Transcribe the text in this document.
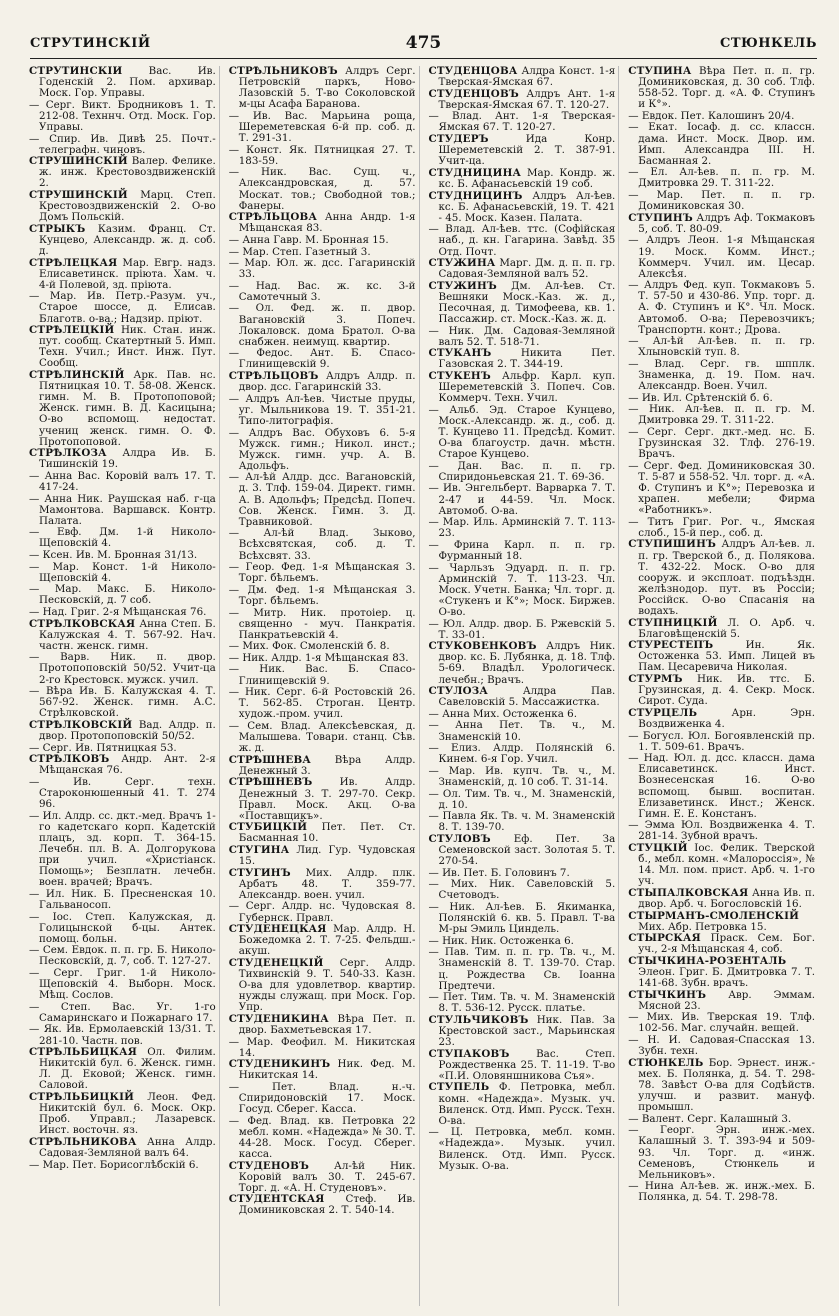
СТРУТИНСКІЙ	475	СТЮНКЕЛЬ
СТРУТИНСКІЙ	Вас. Ив. Годенскій 2. Пом. архивар. Моск. Гор. Управы.
— Серг. Викт. Бродниковъ 1. Т. 212-08. Техннч. Отд. Моск. Гор. Управы.
— Спир. Ив. Дивѣ 25. Почт.-телеграфн. чиновъ.
СТРУШИНСКІЙ Валер. Фелике. ж. инж. Крестовоздвиженскій 2.
СТРУШИНСКІЙ Марц. Степ. Крестовоздвиженскій 2. О-во Домъ Польскій.
СТРЫКЪ Казим. Франц. Ст. Кунцево, Александр. ж. д. соб. д.
СТРѢЛЕЦКАЯ Мар. Евгр. надз. Елисаветинск. пріюта. Хам. ч. 4-й Полевой, зд. пріюта.
— Мар. Ив. Петр.-Разум. уч., Старое шоссе, д. Елисав. Благотв. о-ва.; Надзир. пріют.
СТРѢЛЕЦКІЙ Ник. Стан. инж. пут. сообщ. Скатертный 5. Имп. Техн. Учил.; Инст. Инж. Пут. Сообщ.
СТРѢЛИНСКІЙ Арк. Пав. нс. Пятницкая 10. Т. 58-08. Женск. гимн. М. В. Протопоповой; Женск. гимн. В. Д. Касицына; О-во вспомощ. недостат. учениц женск. гимн. О. Ф. Протопоповой.
СТРѢЛКОЗА Алдра Ив. Б. Тишинскій 19.
— Анна Вас. Коровій валъ 17. Т. 417-24.
— Анна Ник. Раушская наб. г-ца Мамонтова. Варшавск. Контр. Палата.
— Евф. Дм. 1-й Николо-Щеповскій 4.
— Ксен. Ив. М. Бронная 31/13.
— Мар. Конст. 1-й Николо-Щеповскій 4.
— Мар. Макс. Б. Николо-Песковскій, д. 7 соб.
— Над. Григ. 2-я Мѣщанская 76.
СТРѢЛКОВСКАЯ Анна Степ. Б. Калужская 4. Т. 567-92. Нач. частн. женск. гимн.
— Варв. Ник. п. двор. Протопоповскій 50/52. Учит-ца 2-го Крестовск. мужск. учил.
— Вѣра Ив. Б. Калужская 4. Т. 567-92. Женск. гимн. А.С. Стрѣлковской.
СТРѢЛКОВСКІЙ Вад. Алдр. п. двор. Протопоповскій 50/52.
— Серг. Ив. Пятницкая 53.
СТРѢЛКОВЪ Андр. Ант. 2-я Мѣщанская 76.
— Ив. Серг. техн. Староконюшенный 41. Т. 274 96.
— Ил. Алдр. сс. дкт.-мед. Врачъ 1-го кадетскаго корп. Кадетскій плацъ, зд. корп. Т. 364-15. Лечебн. пл. В. А. Долгорукова при учил. «Христіанск. Помощь»; Безплатн. лечебн. воен. врачей; Врачъ.
— Ил. Ник. Б. Пресненская 10. Гальваносоп.
— Іос. Степ. Калужская, д. Голицынской б-цы. Антек. помощ. больн.
— Сем. Евдок. п. п. гр. Б. Николо-Песковскій, д. 7, соб. Т. 127-27.
— Серг. Григ. 1-й Николо-Щеповскій 4. Выборн. Моск. Мѣщ. Сослов.
— Степ. Вас. Уг. 1-го Самаринскаго и Пожарнаго 17.
— Як. Ив. Ермолаевскій 13/31. Т. 281-10. Частн. пов.
СТРѢЛЬБИЦКАЯ Ол. Филим. Никитскій бул. 6. Женск. гимн. Л. Д. Ековой; Женск. гимн. Саловой.
СТРѢЛЬБИЦКІЙ Леон. Фед. Никитскій бул. 6. Моск. Окр. Проб. Управл.; Лазаревск. Инст. восточн. яз.
СТРѢЛЬНИКОВА Анна Алдр. Садовая-Земляной валъ 64.
— Мар. Пет. Борисоглѣбскій 6.
СТРѢЛЬНИКОВЪ Алдръ Серг. Петровскій паркъ, Ново-Лазовскій 5. Т-во Соколовской м-цы Асафа Баранова.
— Ив. Вас. Марьина роща, Шереметевская 6-й пр. соб. д. Т. 291-31.
— Конст. Як. Пятницкая 27. Т. 183-59.
— Ник. Вас. Сущ. ч., Александровская, д. 57. Москат. тов.; Свободной тов.; Фанеры.
СТРѢЛЬЦОВА Анна Андр. 1-я Мѣщанская 83.
— Анна Гавр. М. Бронная 15.
— Мар. Степ. Газетный 3.
— Мар. Юл. ж. дсс. Гагаринскій 33.
— Над. Вас. ж. кс. 3-й Самотечный 3.
— Ол. Фед. ж. п. двор. Вагановскій 3. Попеч. Локаловск. дома Братол. О-ва снабжен. неимущ. квартир.
— Федос. Ант. Б. Спасо-Глинищевскій 9.
СТРѢЛЬЦОВЪ Алдръ Алдр. п. двор. дсс. Гагаринскій 33.
— Алдръ Ал-ѣев. Чистые пруды, уг. Мыльникова 19. Т. 351-21. Типо-литографія.
— Алдръ Вас. Обуховъ 6. 5-я Мужск. гимн.; Никол. инст.; Мужск. гимн. учр. А. В. Адольфъ.
— Ал-ѣй Алдр. дсс. Вагановскій, д. 3. Тлф. 159-04. Директ. гимн. А. В. Адольфъ; Предсѣд. Попеч. Сов. Женск. Гимн. З. Д. Травниковой.
— Ал-ѣй Влад. Зыково, Всѣхсвятская, соб. д. Т. Всѣхсвят. 33.
— Геор. Фед. 1-я Мѣщанская 3. Торг. бѣльемъ.
— Дм. Фед. 1-я Мѣщанская 3. Торг. бѣльемъ.
— Митр. Ник. протоіер. ц. священно - муч. Панкратія. Панкратьевскій 4.
— Мих. Фок. Смоленскій б. 8.
— Ник. Алдр. 1-я Мѣщанская 83.
— Ник. Вас. Б. Спасо-Глинищевскій 9.
— Ник. Серг. 6-й Ростовскій 26. Т. 562-85. Строган. Центр. худож.-пром. учил.
— Сем. Влад. Алексѣевская, д. Малышева. Товари. станц. Сѣв. ж. д.
СТРѢШНЕВА Вѣра Алдр. Денежный 3.
СТРѢШНЕВЪ	Ив. Алдр. Денежный 3. Т. 297-70. Секр. Правл. Моск. Акц. О-ва «Поставщикъ».
СТУБИЦКІЙ Пет. Пет. Ст. Басманная 10.
СТУГИНА Лид. Гур. Чудовская 15.
СТУГИНЪ Мих. Алдр. плк. Арбатъ 48. Т. 359-77. Александр. воен. учил.
— Серг. Алдр. нс. Чудовская 8. Губернск. Правл.
СТУДЕНЕЦКАЯ Мар. Алдр. Н. Божедомка 2. Т. 7-25. Фельдш.-акуш.
СТУДЕНЕЦКІЙ Серг. Алдр. Тихвинскій 9. Т. 540-33. Казн. О-ва для удовлетвор. квартир. нужды служащ. при Моск. Гор. Упр.
СТУДЕНИКИНА Вѣра Пет. п. двор. Бахметьевская 17.
— Мар. Феофил. М. Никитская 14.
СТУДЕНИКИНЪ Ник. Фед. М. Никитская 14.
— Пет. Влад. н.-ч. Спиридоновскій 17. Моск. Госуд. Сберег. Касса.
— Фед. Влад. кв. Петровка 22 мебл. комн. «Надежда» № 30. Т. 44-28. Моск. Госуд. Сберег. касса.
СТУДЕНОВЪ Ал-ѣй Ник. Коровій валъ 30. Т. 245-67. Торг. д. «А. Н. Студеновъ».
СТУДЕНТСКАЯ Стеф. Ив. Доминиковская 2. Т. 540-14.
СТУДЕНЦОВА Алдра Конст. 1-я Тверская-Ямская 67.
СТУДЕНЦОВЪ Алдръ Ант. 1-я Тверская-Ямская 67. Т. 120-27.
— Влад. Ант. 1-я Тверская-Ямская 67. Т. 120-27.
СТУДЕРЪ	Ида Конр. Шереметевскій 2. Т. 387-91. Учит-ца.
СТУДНИЦИНА Мар. Кондр. ж. кс. Б. Афанасьевскій 19 соб.
СТУДНИЦИНЪ Алдръ Ал-ѣев. кс. Б. Афанасьевскій, 19. Т. 421 - 45. Моск. Казен. Палата.
— Влад. Ал-ѣев. ттс. (Софійская наб., д. кн. Гагарина. Завѣд. 35 Отд. Почт.
СТУЖИНА Марг. Дм. д. п. п. гр. Садовая-Земляной валъ 52.
СТУЖИНЪ Дм. Ал-ѣев. Ст. Вешняки Моск.-Каз. ж. д., Песочная, д. Тимофеева, кв. 1. Пассажир. ст. Моск.-Каз. ж. д.
— Ник. Дм. Садовая-Земляной валъ 52. Т. 518-71.
СТУКАНЪ	Никита Пет. Газовская 2. Т. 344-19.
СТУКЕНЪ Альфр. Карл. куп. Шереметевскій 3. Попеч. Сов. Коммерч. Техн. Учил.
— Альб. Эд. Старое Кунцево, Моск.-Александр. ж. д., соб. д. Т. Кунцево 11. Предсѣд. Комит. О-ва благоустр. дачн. мѣстн. Старое Кунцево.
— Дан. Вас. п. п. гр. Спиридоньевская 21. Т. 69-36.
— Ив. Энгельберт. Варварка 7. Т. 2-47 и 44-59. Чл. Моск. Автомоб. О-ва.
— Мар. Иль. Арминскій 7. Т. 113-23.
— Фрина Карл. п. п. гр. Фурманный 18.
— Чарльзъ Эдуард. п. п. гр. Арминскій 7. Т. 113-23. Чл. Моск. Учетн. Банка; Чл. торг. д. «Стукенъ и К°»; Моск. Биржев. О-во.
— Юл. Алдр. двор. Б. Ржевскій 5. Т. 33-01.
СТУКОВЕНКОВЪ Алдръ Ник. двор. кс. Б. Лубянка, д. 18. Тлф. 5-69. Владѣл. Урологическ. лечебн.; Врачъ.
СТУЛОЗА	Алдра Пав. Савеловскій 5. Массажистка.
— Анна Мих. Остоженка 6.
— Анна Пет. Тв. ч., М. Знаменскій 10.
— Елиз. Алдр. Полянскій 6. Кинем. 6-я Гор. Учил.
— Мар. Ив. купч. Тв. ч., М. Знаменскій, д. 10 соб. Т. 31-14.
— Ол. Тим. Тв. ч., М. Знаменскій, д. 10.
— Павла Як. Тв. ч. М. Знаменскій 8. Т. 139-70.
СТУЛОВЪ Еф. Пет. За Семеновской заст. Золотая 5. Т. 270-54.
— Ив. Пет. Б. Головинъ 7.
— Мих. Ник. Савеловскій 5. Счетоводъ.
— Ник. Ал-ѣев. Б. Якиманка, Полянскій 6. кв. 5. Правл. Т-ва М-ры Эмиль Циндель.
— Ник. Ник. Остоженка 6.
— Пав. Тим. п. п. гр. Тв. ч., М. Знаменскій 8. Т. 139-70. Стар. ц. Рождества Св. Іоанна Предтечи.
— Пет. Тим. Тв. ч. М. Знаменскій 8. Т. 536-12. Русск. платье.
СТУЛЬЧИКОВЪ Ник. Пав. За Крестовской заст., Марьинская 23.
СТУПАКОВЪ	Вас. Степ. Рождественка 25. Т. 11-19. Т-во «П.И. Оловяншникова Съя».
СТУПЕЛЬ Ф. Петровка, мебл. комн. «Надежда». Музык. уч. Виленск. Отд. Имп. Русск. Техн. О-ва.
— Ц. Петровка, мебл. комн. «Надежда». Музык. учил. Виленск. Отд. Имп. Русск. Музык. О-ва.
СТУПИНА Вѣра Пет. п. п. гр. Доминиковская, д. 30 соб. Тлф. 558-52. Торг. д. «А. Ф. Ступинъ и К°».
— Евдок. Пет. Калошинъ 20/4.
— Екат. Іосаф. д. сс. классн. дама. Инст. Моск. Двор. им. Имп. Александра III. Н. Басманная 2.
— Ел. Ал-ѣев. п. п. гр. М. Дмитровка 29. Т. 311-22.
— Мар. Пет. п. п. гр. Доминиковская 30.
СТУПИНЪ Алдръ Аф. Токмаковъ 5, соб. Т. 80-09.
— Алдръ Леон. 1-я Мѣщанская 19. Моск. Комм. Инст.; Коммерч. Учил. им. Цесар. Алексѣя.
— Алдръ Фед. куп. Токмаковъ 5. Т. 57-50 и 430-86. Упр. торг. д. А. Ф. Ступинъ и К°. Чл. Моск. Автомоб. О-ва; Перевозчикъ; Транспортн. конт.; Дрова.
— Ал-ѣй Ал-ѣев. п. п. гр. Хлыновскій туп. 8.
— Влад. Серг. гв. шпплк. Знаменка, д. 19. Пом. нач. Александр. Воен. Учил.
— Ив. Ил. Срѣтенскій б. 6.
— Ник. Ал-ѣев. п. п. гр. М. Дмитровка 29. Т. 311-22.
— Серг. Серг. дкт.-мед. нс. Б. Грузинская 32. Тлф. 276-19. Врачъ.
— Серг. Фед. Доминиковская 30. Т. 5-87 и 558-52. Чл. торг. д. «А. Ф. Ступинъ и К°»; Перевозка и храпен. мебели; Фирма «Работникъ».
— Титъ Григ. Рог. ч., Ямская слоб., 15-й пер., соб. д.
СТУПИШИНЪ Алдръ Ал-ѣев. л. п. гр. Тверской б., д. Полякова. Т. 432-22. Моск. О-во для сооруж. и эксплоат. подъѣздн. желѣзнодор. пут. въ Россіи; Россійск. О-во Спасанія на водахъ.
СТУПНИЦКІЙ Л. О. Арб. ч. Благовѣщенскій 5.
СТУРЕСТЕПЪ	Ин. Як. Остоженка 53. Имп. Лицей въ Пам. Цесаревича Николая.
СТУРМЪ Ник. Ив. ттс. Б. Грузинская, д. 4. Секр. Моск. Сирот. Суда.
СТУРЦЕЛЬ	Арн. Эрн. Воздвиженка 4.
— Богусл. Юл. Богоявленскій пр. 1. Т. 509-61. Врачъ.
— Над. Юл. д. дсс. классн. дама Елисаветинск. Инст. Вознесенская 16. О-во вспомощ. бывш. воспитан. Елизаветинск. Инст.; Женск. Гимн. Е. Е. Констанъ.
— Эмма Юл. Воздвиженка 4. Т. 281-14. Зубной врачъ.
СТУЦКІЙ Іос. Фелик. Тверской б., мебл. комн. «Малороссія», № 14. Мл. пом. прист. Арб. ч. 1-го уч.
СТЫПАЛКОВСКАЯ Анна Ив. п. двор. Арб. ч. Богословскій 16.
СТЫРМАНЪ-СМОЛЕНСКІЙ Мих. Абр. Петровка 15.
СТЫРСКАЯ Праск. Сем. Бог. уч., 2-я Мѣщанская 4, соб.
СТЫЧКИНА-РОЗЕНТАЛЬ Элеон. Григ. Б. Дмитровка 7. Т. 141-68. Зубн. врачъ.
СТЫЧКИНЪ Авр. Эммам. Мясной 23.
— Мих. Ив. Тверская 19. Тлф. 102-56. Маг. случайн. вещей.
— Н. И. Садовая-Спасская 13. Зубн. техн.
СТЮНКЕЛЬ Бор. Эрнест. инж.-мех. Б. Полянка, д. 54. Т. 298-78. Завѣст О-ва для Содѣйств. улучш. и развит. мануф. промышл.
— Валент. Серг. Калашный 3.
— Георг. Эрн. инж.-мех. Калашный 3. Т. 393-94 и 509-93. Чл. Торг. д. «инж. Семеновъ, Стюнкель и Мельниковъ».
— Нина Ал-ѣев. ж. инж.-мех. Б. Полянка, д. 54. Т. 298-78.
